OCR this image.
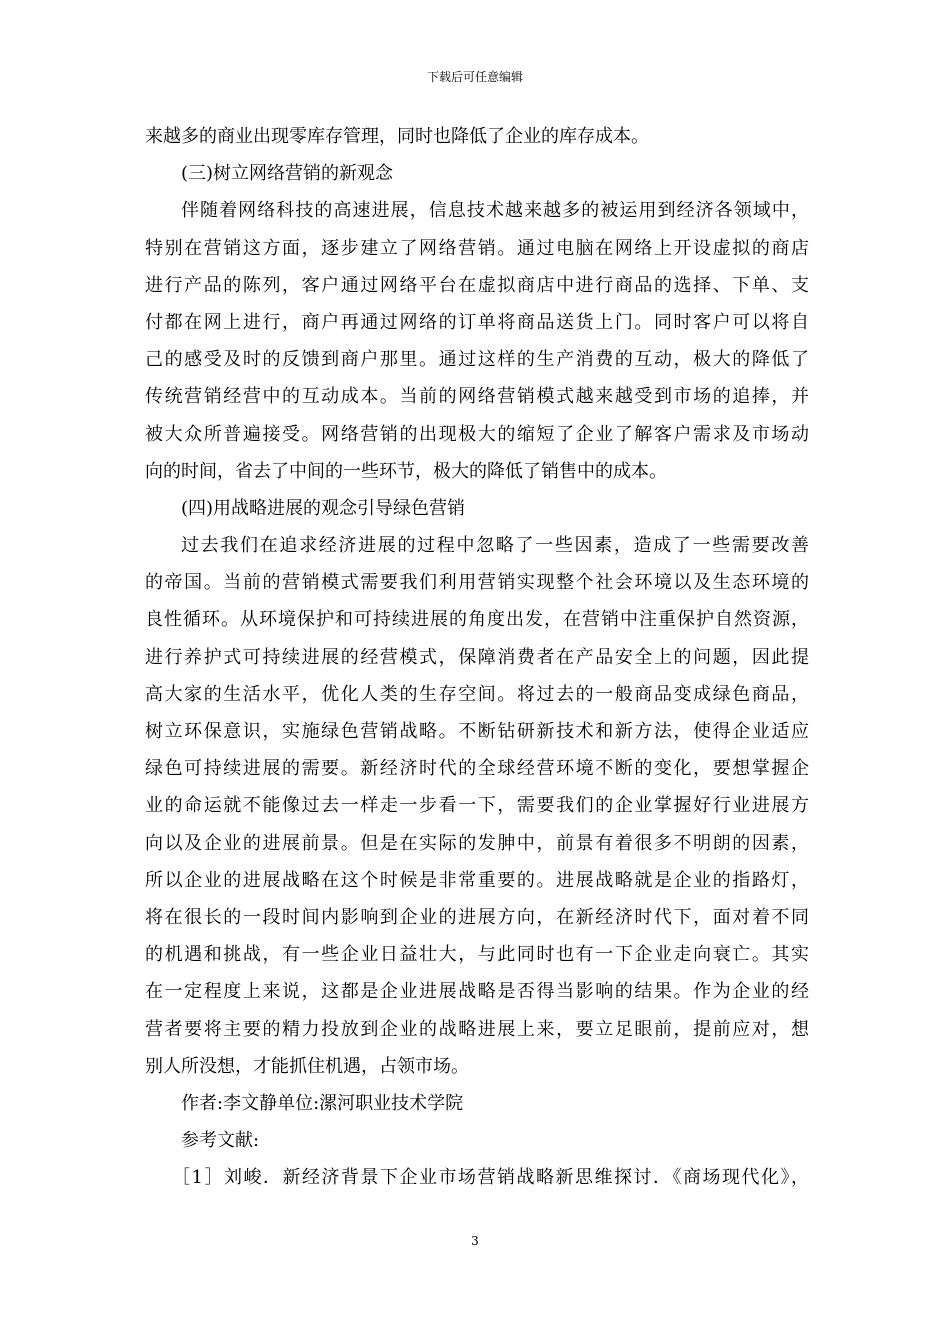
下载后可任意编辑
来越多的商业出现零库存管理，同时也降低了企业的库存成本。
(三)树立网络营销的新观念
伴随着网络科技的高速进展，信息技术越来越多的被运用到经济各领域中，
特别在营销这方面，逐步建立了网络营销。通过电脑在网络上开设虚拟的商店
进行产品的陈列，客户通过网络平台在虚拟商店中进行商品的选择、下单、支
付都在网上进行，商户再通过网络的订单将商品送货上门。同时客户可以将自
己的感受及时的反馈到商户那里。通过这样的生产消费的互动，极大的降低了
传统营销经营中的互动成本。当前的网络营销模式越来越受到市场的追捧，并
被大众所普遍接受。网络营销的出现极大的缩短了企业了解客户需求及市场动
向的时间，省去了中间的一些环节，极大的降低了销售中的成本。
(四)用战略进展的观念引导绿色营销
过去我们在追求经济进展的过程中忽略了一些因素，造成了一些需要改善
的帝国。当前的营销模式需要我们利用营销实现整个社会环境以及生态环境的
良性循环。从环境保护和可持续进展的角度出发，在营销中注重保护自然资源，
进行养护式可持续进展的经营模式，保障消费者在产品安全上的问题，因此提
高大家的生活水平，优化人类的生存空间。将过去的一般商品变成绿色商品，
树立环保意识，实施绿色营销战略。不断钻研新技术和新方法，使得企业适应
绿色可持续进展的需要。新经济时代的全球经营环境不断的变化，要想掌握企
业的命运就不能像过去一样走一步看一下，需要我们的企业掌握好行业进展方
向以及企业的进展前景。但是在实际的发胂中，前景有着很多不明朗的因素，
所以企业的进展战略在这个时候是非常重要的。进展战略就是企业的指路灯，
将在很长的一段时间内影响到企业的进展方向，在新经济时代下，面对着不同
的机遇和挑战，有一些企业日益壮大，与此同时也有一下企业走向衰亡。其实
在一定程度上来说，这都是企业进展战略是否得当影响的结果。作为企业的经
营者要将主要的精力投放到企业的战略进展上来，要立足眼前，提前应对，想
别人所没想，才能抓住机遇，占领市场。
作者:李文静单位:漯河职业技术学院
参考文献:
［1］刘峻．新经济背景下企业市场营销战略新思维探讨．《商场现代化》，
3
